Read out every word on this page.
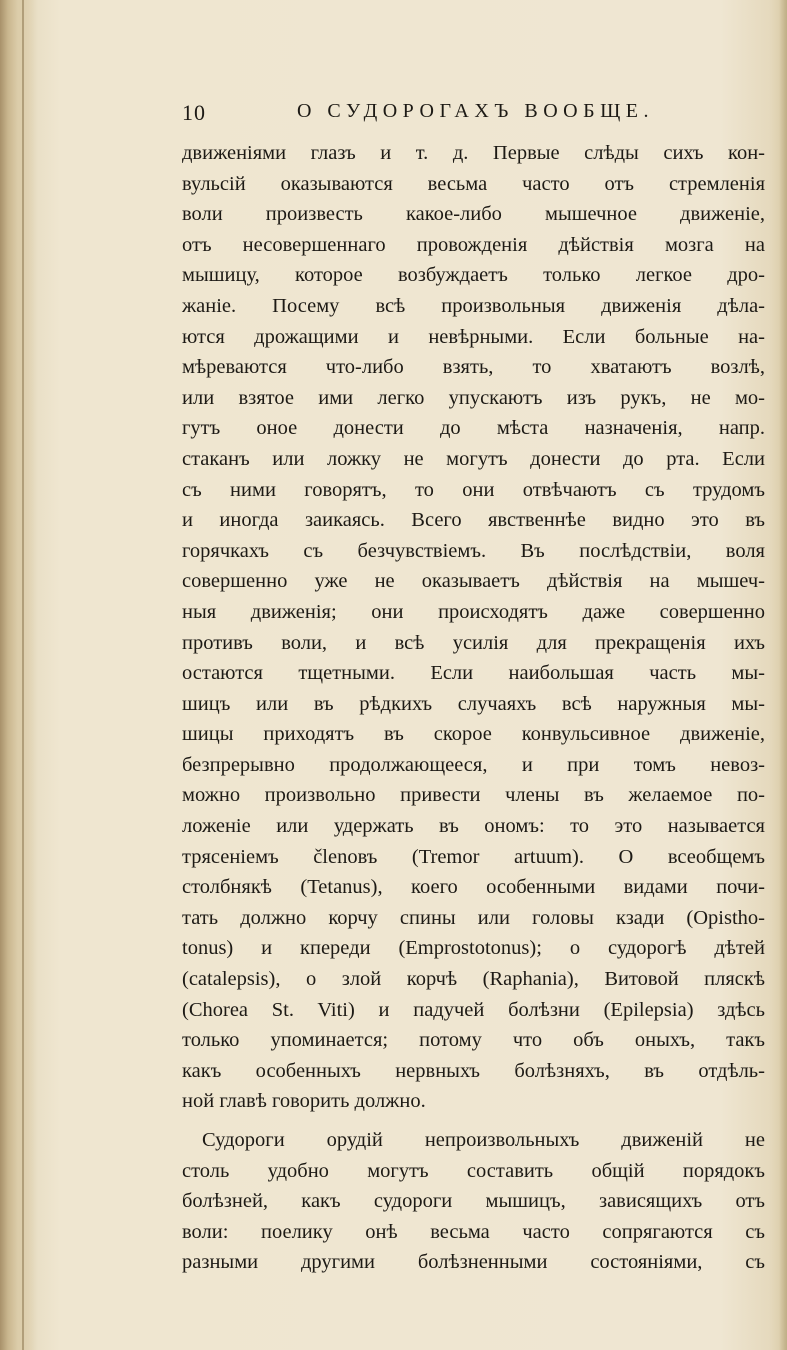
10	О СУДОРОГАХЪ ВООБЩЕ.
движеніями глазъ и т. д. Первые слѣды сихъ кон-
вульсій оказываются весьма часто отъ стремленія
воли произвесть какое-либо мышечное движеніе,
отъ несовершеннаго провожденія дѣйствія мозга на
мышицу, которое возбуждаетъ только легкое дро-
жаніе. Посему всѣ произвольныя движенія дѣла-
ются дрожащими и невѣрными. Если больные на-
мѣреваются что-либо взять, то хватаютъ возлѣ,
или взятое ими легко упускаютъ изъ рукъ, не мо-
гутъ оное донести до мѣста назначенія, напр.
стаканъ или ложку не могутъ донести до рта. Если
съ ними говорятъ, то они отвѣчаютъ съ трудомъ
и иногда заикаясь. Всего явственнѣе видно это въ
горячкахъ съ безчувствіемъ. Въ послѣдствіи, воля
совершенно уже не оказываетъ дѣйствія на мышеч-
ныя движенія; они происходятъ даже совершенно
противъ воли, и всѣ усилія для прекращенія ихъ
остаются тщетными. Если наибольшая часть мы-
шицъ или въ рѣдкихъ случаяхъ всѣ наружныя мы-
шицы приходятъ въ скорое конвульсивное движеніе,
безпрерывно продолжающееся, и при томъ невоз-
можно произвольно привести члены въ желаемое по-
ложеніе или удержать въ ономъ: то это называется
трясеніемъ členовъ (Tremor artuum). О всеобщемъ
столбнякѣ (Tetanus), коего особенными видами почи-
тать должно корчу спины или головы кзади (Opistho-
tonus) и кпереди (Emprostotonus); о судорогѣ дѣтей
(catalepsis), о злой корчѣ (Raphania), Витовой пляскѣ
(Chorea St. Viti) и падучей болѣзни (Epilepsia) здѣсь
только упоминается; потому что объ оныхъ, такъ
какъ особенныхъ нервныхъ болѣзняхъ, въ отдѣль-
ной главѣ говорить должно.
Судороги орудій непроизвольныхъ движеній не
столь удобно могутъ составить общій порядокъ
болѣзней, какъ судороги мышицъ, зависящихъ отъ
воли: поелику онѣ весьма часто сопрягаются съ
разными другими болѣзненными состояніями, съ
